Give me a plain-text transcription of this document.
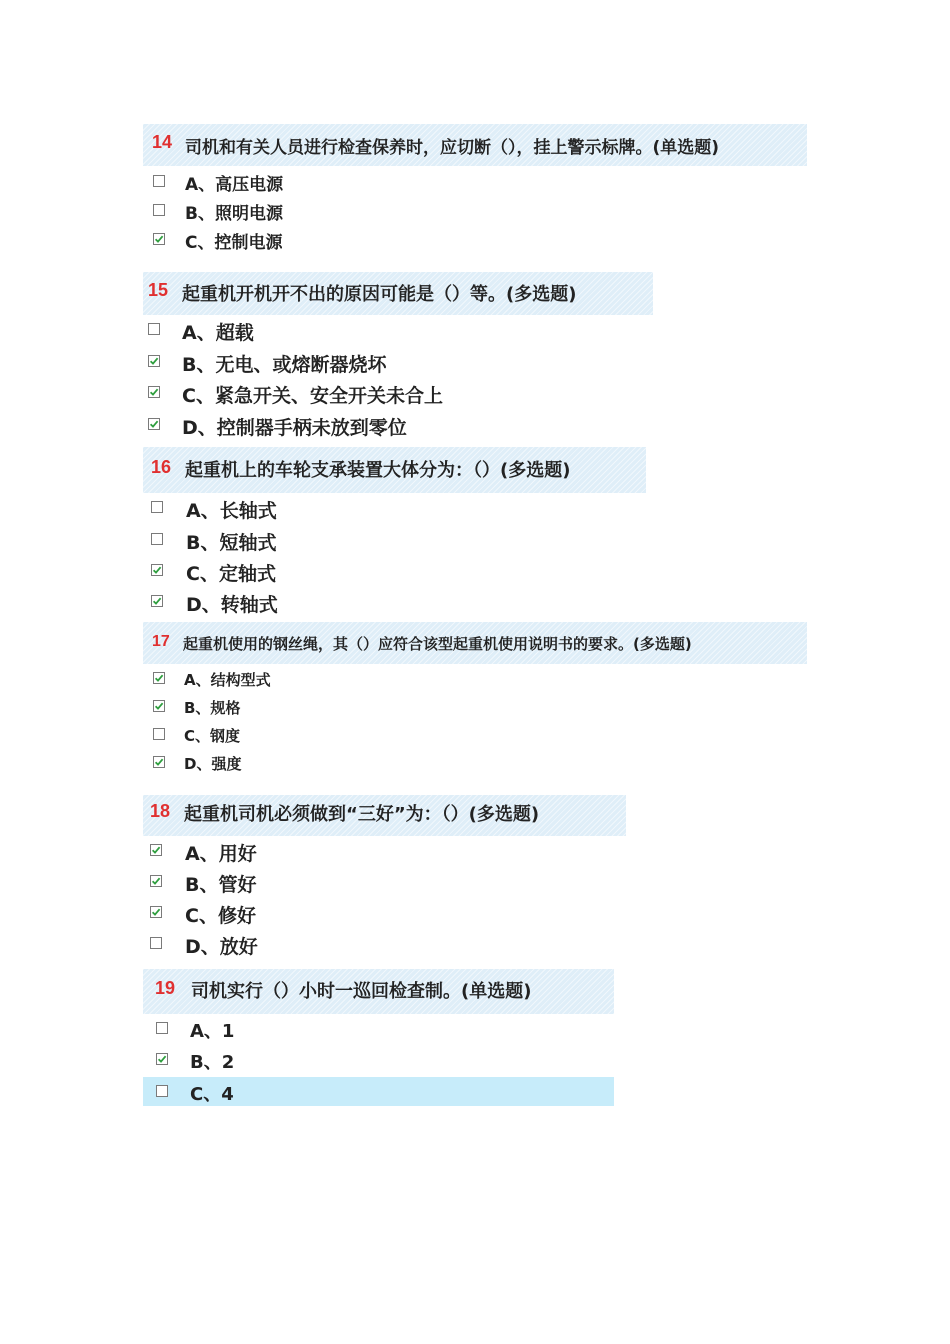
14 司机和有关人员进行检查保养时，应切断（），挂上警示标牌。(单选题)
A、高压电源
B、照明电源
C、控制电源
15 起重机开机开不出的原因可能是（）等。(多选题)
A、超载
B、无电、或熔断器烧坏
C、紧急开关、安全开关未合上
D、控制器手柄未放到零位
16 起重机上的车轮支承装置大体分为：（）(多选题)
A、长轴式
B、短轴式
C、定轴式
D、转轴式
17 起重机使用的钢丝绳，其（）应符合该型起重机使用说明书的要求。(多选题)
A、结构型式
B、规格
C、钢度
D、强度
18 起重机司机必须做到“三好”为：（）(多选题)
A、用好
B、管好
C、修好
D、放好
19 司机实行（）小时一巡回检查制。(单选题)
A、1
B、2
C、4
